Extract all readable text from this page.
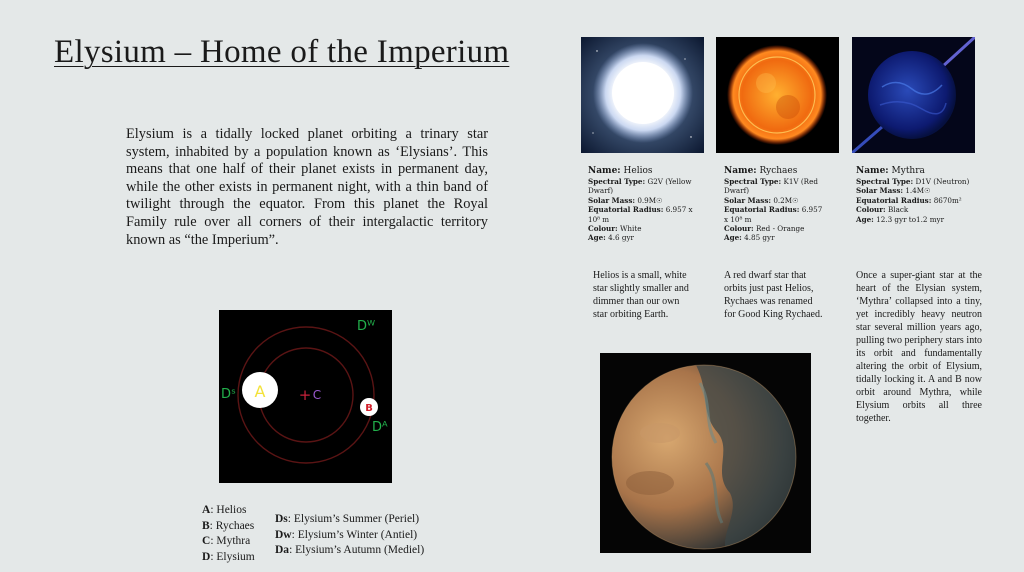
Elysium – Home of the Imperium

Elysium is a tidally locked planet orbiting a trinary star system, inhabited by a population known as ‘Elysians’. This means that one half of their planet exists in permanent day, while the other exists in permanent night, with a thin band of twilight through the equator. From this planet the Royal Family rule over all corners of their intergalactic territory known as “the Imperium”.

Name: Helios
Spectral Type: G2V (Yellow Dwarf)
Solar Mass: 0.9M☉
Equatorial Radius: 6.957 x 10⁸ m
Colour: White
Age: 4.6 gyr
Name: Rychaes
Spectral Type: K1V (Red Dwarf)
Solar Mass: 0.2M☉
Equatorial Radius: 6.957 x 10⁸ m
Colour: Red - Orange
Age: 4.85 gyr
Name: Mythra
Spectral Type: D1V (Neutron)
Solar Mass: 1.4M☉
Equatorial Radius: 8670m²
Colour: Black
Age: 12.3 gyr to1.2 myr

Helios is a small, white star slightly smaller and dimmer than our own star orbiting Earth.

A red dwarf star that orbits just past Helios, Rychaes was renamed for Good King Rychaed.

Once a super-giant star at the heart of the Elysian system, ‘Mythra’ collapsed into a tiny, yet incredibly heavy neutron star several million years ago, pulling two periphery stars into its orbit and fundamentally altering the orbit of Elysium, tidally locking it. A and B now orbit around Mythra, while Elysium orbits all three together.

A
B
+ C
Dᵂ
Dˢ
Dᴬ
A: Helios
B: Rychaes
C: Mythra
D: Elysium
Ds: Elysium’s Summer (Periel)
Dw: Elysium’s Winter (Antiel)
Da: Elysium’s Autumn (Mediel)
